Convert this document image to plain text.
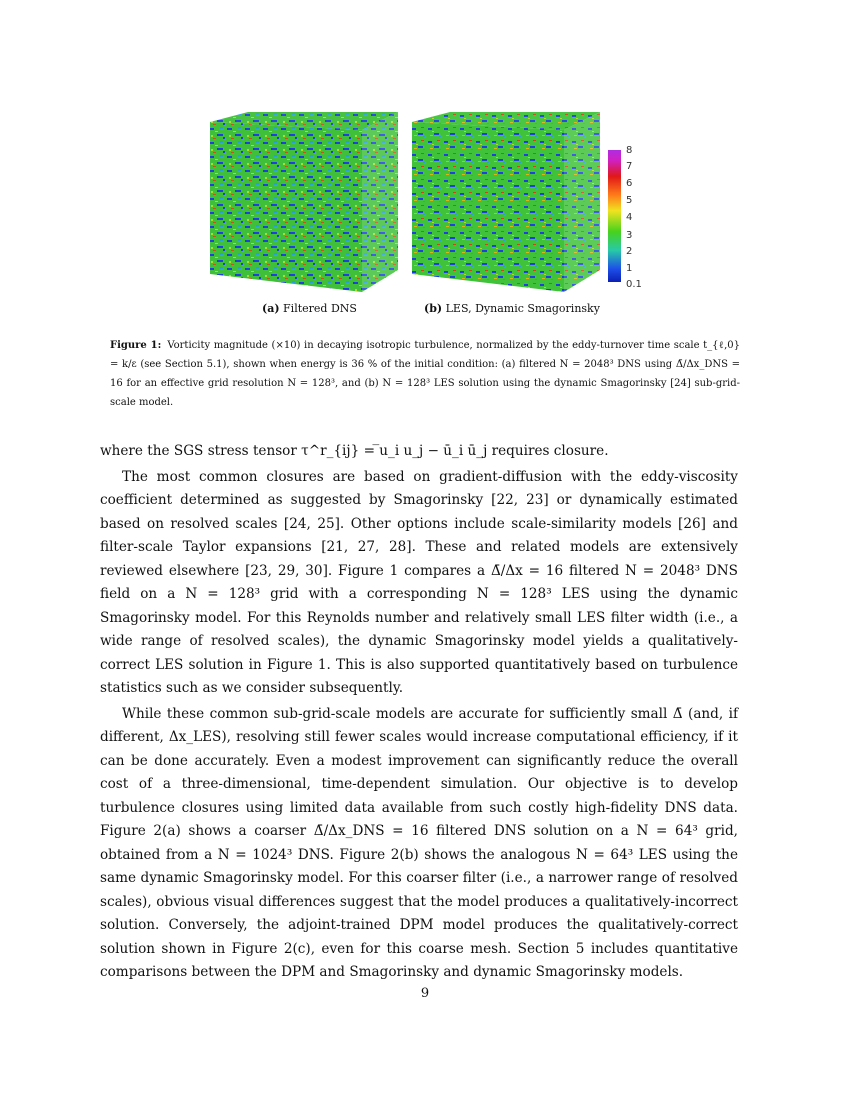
8
7
6
5
4
3
2
1
0.1
(a) Filtered DNS	(b) LES, Dynamic Smagorinsky
Figure 1: Vorticity magnitude (×10) in decaying isotropic turbulence, normalized by the eddy-turnover time scale t_{ℓ,0} = k/ε (see Section 5.1), shown when energy is 36 % of the initial condition: (a) filtered N = 2048³ DNS using Δ̄/Δx_DNS = 16 for an effective grid resolution N = 128³, and (b) N = 128³ LES solution using the dynamic Smagorinsky [24] sub-grid-scale model.

where the SGS stress tensor τ^r_{ij} = ̅u_i u_j − ū_i ū_j requires closure.

The most common closures are based on gradient-diffusion with the eddy-viscosity coefficient determined as suggested by Smagorinsky [22, 23] or dynamically estimated based on resolved scales [24, 25]. Other options include scale-similarity models [26] and filter-scale Taylor expansions [21, 27, 28]. These and related models are extensively reviewed elsewhere [23, 29, 30]. Figure 1 compares a Δ̄/Δx = 16 filtered N = 2048³ DNS field on a N = 128³ grid with a corresponding N = 128³ LES using the dynamic Smagorinsky model. For this Reynolds number and relatively small LES filter width (i.e., a wide range of resolved scales), the dynamic Smagorinsky model yields a qualitatively-correct LES solution in Figure 1. This is also supported quantitatively based on turbulence statistics such as we consider subsequently.

While these common sub-grid-scale models are accurate for sufficiently small Δ̄ (and, if different, Δx_LES), resolving still fewer scales would increase computational efficiency, if it can be done accurately. Even a modest improvement can significantly reduce the overall cost of a three-dimensional, time-dependent simulation. Our objective is to develop turbulence closures using limited data available from such costly high-fidelity DNS data. Figure 2(a) shows a coarser Δ̄/Δx_DNS = 16 filtered DNS solution on a N = 64³ grid, obtained from a N = 1024³ DNS. Figure 2(b) shows the analogous N = 64³ LES using the same dynamic Smagorinsky model. For this coarser filter (i.e., a narrower range of resolved scales), obvious visual differences suggest that the model produces a qualitatively-incorrect solution. Conversely, the adjoint-trained DPM model produces the qualitatively-correct solution shown in Figure 2(c), even for this coarse mesh. Section 5 includes quantitative comparisons between the DPM and Smagorinsky and dynamic Smagorinsky models.

9
